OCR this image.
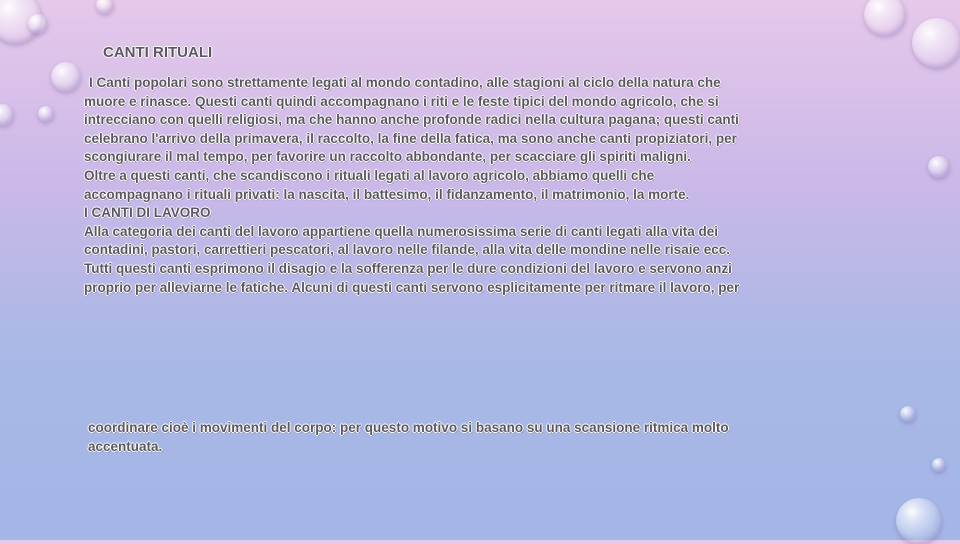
CANTI RITUALI
I Canti popolari sono strettamente legati al mondo contadino, alle stagioni al ciclo della natura che
muore e rinasce. Questi canti quindi accompagnano i riti e le feste tipici del mondo agricolo, che si
intrecciano con quelli religiosi, ma che hanno anche profonde radici nella cultura pagana; questi canti
celebrano l'arrivo della primavera, il raccolto, la fine della fatica, ma sono anche canti propiziatori, per
scongiurare il mal tempo, per favorire un raccolto abbondante, per scacciare gli spiriti maligni.
Oltre a questi canti, che scandiscono i rituali legati al lavoro agricolo, abbiamo quelli che
accompagnano i rituali privati: la nascita, il battesimo, il fidanzamento, il matrimonio, la morte.
I CANTI DI LAVORO
Alla categoria dei canti del lavoro appartiene quella numerosissima serie di canti legati alla vita dei
contadini, pastori, carrettieri pescatori, al lavoro nelle filande, alla vita delle mondine nelle risaie ecc.
Tutti questi canti esprimono il disagio e la sofferenza per le dure condizioni del lavoro e servono anzi
proprio per alleviarne le fatiche. Alcuni di questi canti servono esplicitamente per ritmare il lavoro, per
coordinare cioè i movimenti del corpo: per questo motivo si basano su una scansione ritmica molto
accentuata.
